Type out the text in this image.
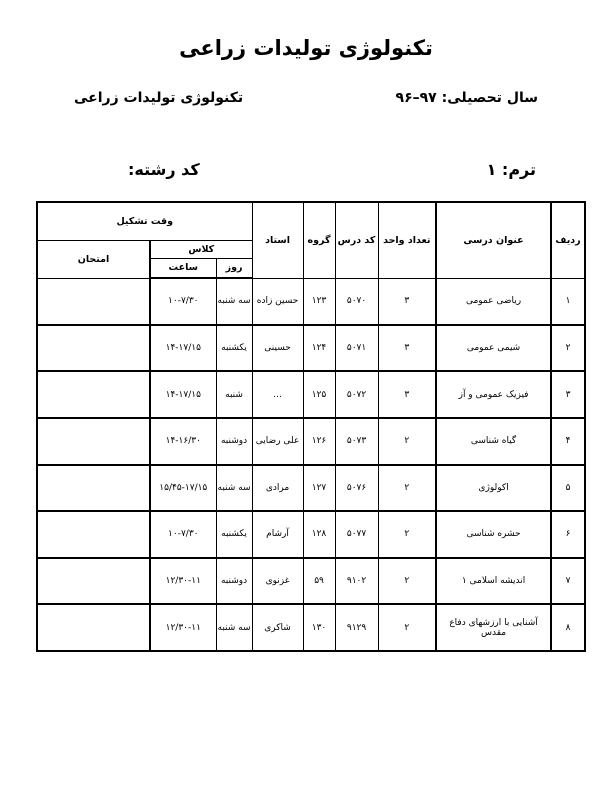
تکنولوژی تولیدات زراعی
سال تحصیلی: ۹۷–۹۶
تکنولوژی تولیدات زراعی
ترم: ۱
کد رشته:
ردیف	عنوان درسی	تعداد واحد	کد درس	گروه	استاد	وقت تشکیل		
						کلاس		امتحان
						روز	ساعت	
۱	ریاضی عمومی	۳	۵۰۷۰	۱۲۳	حسین زاده	سه شنبه	۱۰-۷/۳۰	
۲	شیمی عمومی	۳	۵۰۷۱	۱۲۴	حسینی	یکشنبه	۱۴-۱۷/۱۵	
۳	فیزیک عمومی و آز	۳	۵۰۷۲	۱۲۵	...	شنبه	۱۴-۱۷/۱۵	
۴	گیاه شناسی	۲	۵۰۷۳	۱۲۶	علی رضایی	دوشنبه	۱۴-۱۶/۳۰	
۵	اکولوژی	۲	۵۰۷۶	۱۲۷	مرادی	سه شنبه	۱۵/۴۵-۱۷/۱۵	
۶	حشره شناسی	۲	۵۰۷۷	۱۲۸	آرشام	یکشنبه	۱۰-۷/۳۰	
۷	اندیشه اسلامی ۱	۲	۹۱۰۲	۵۹	غزنوی	دوشنبه	۱۲/۳۰-۱۱	
۸	آشنایی با ارزشهای دفاع مقدس	۲	۹۱۲۹	۱۳۰	شاکری	سه شنبه	۱۲/۳۰-۱۱	
